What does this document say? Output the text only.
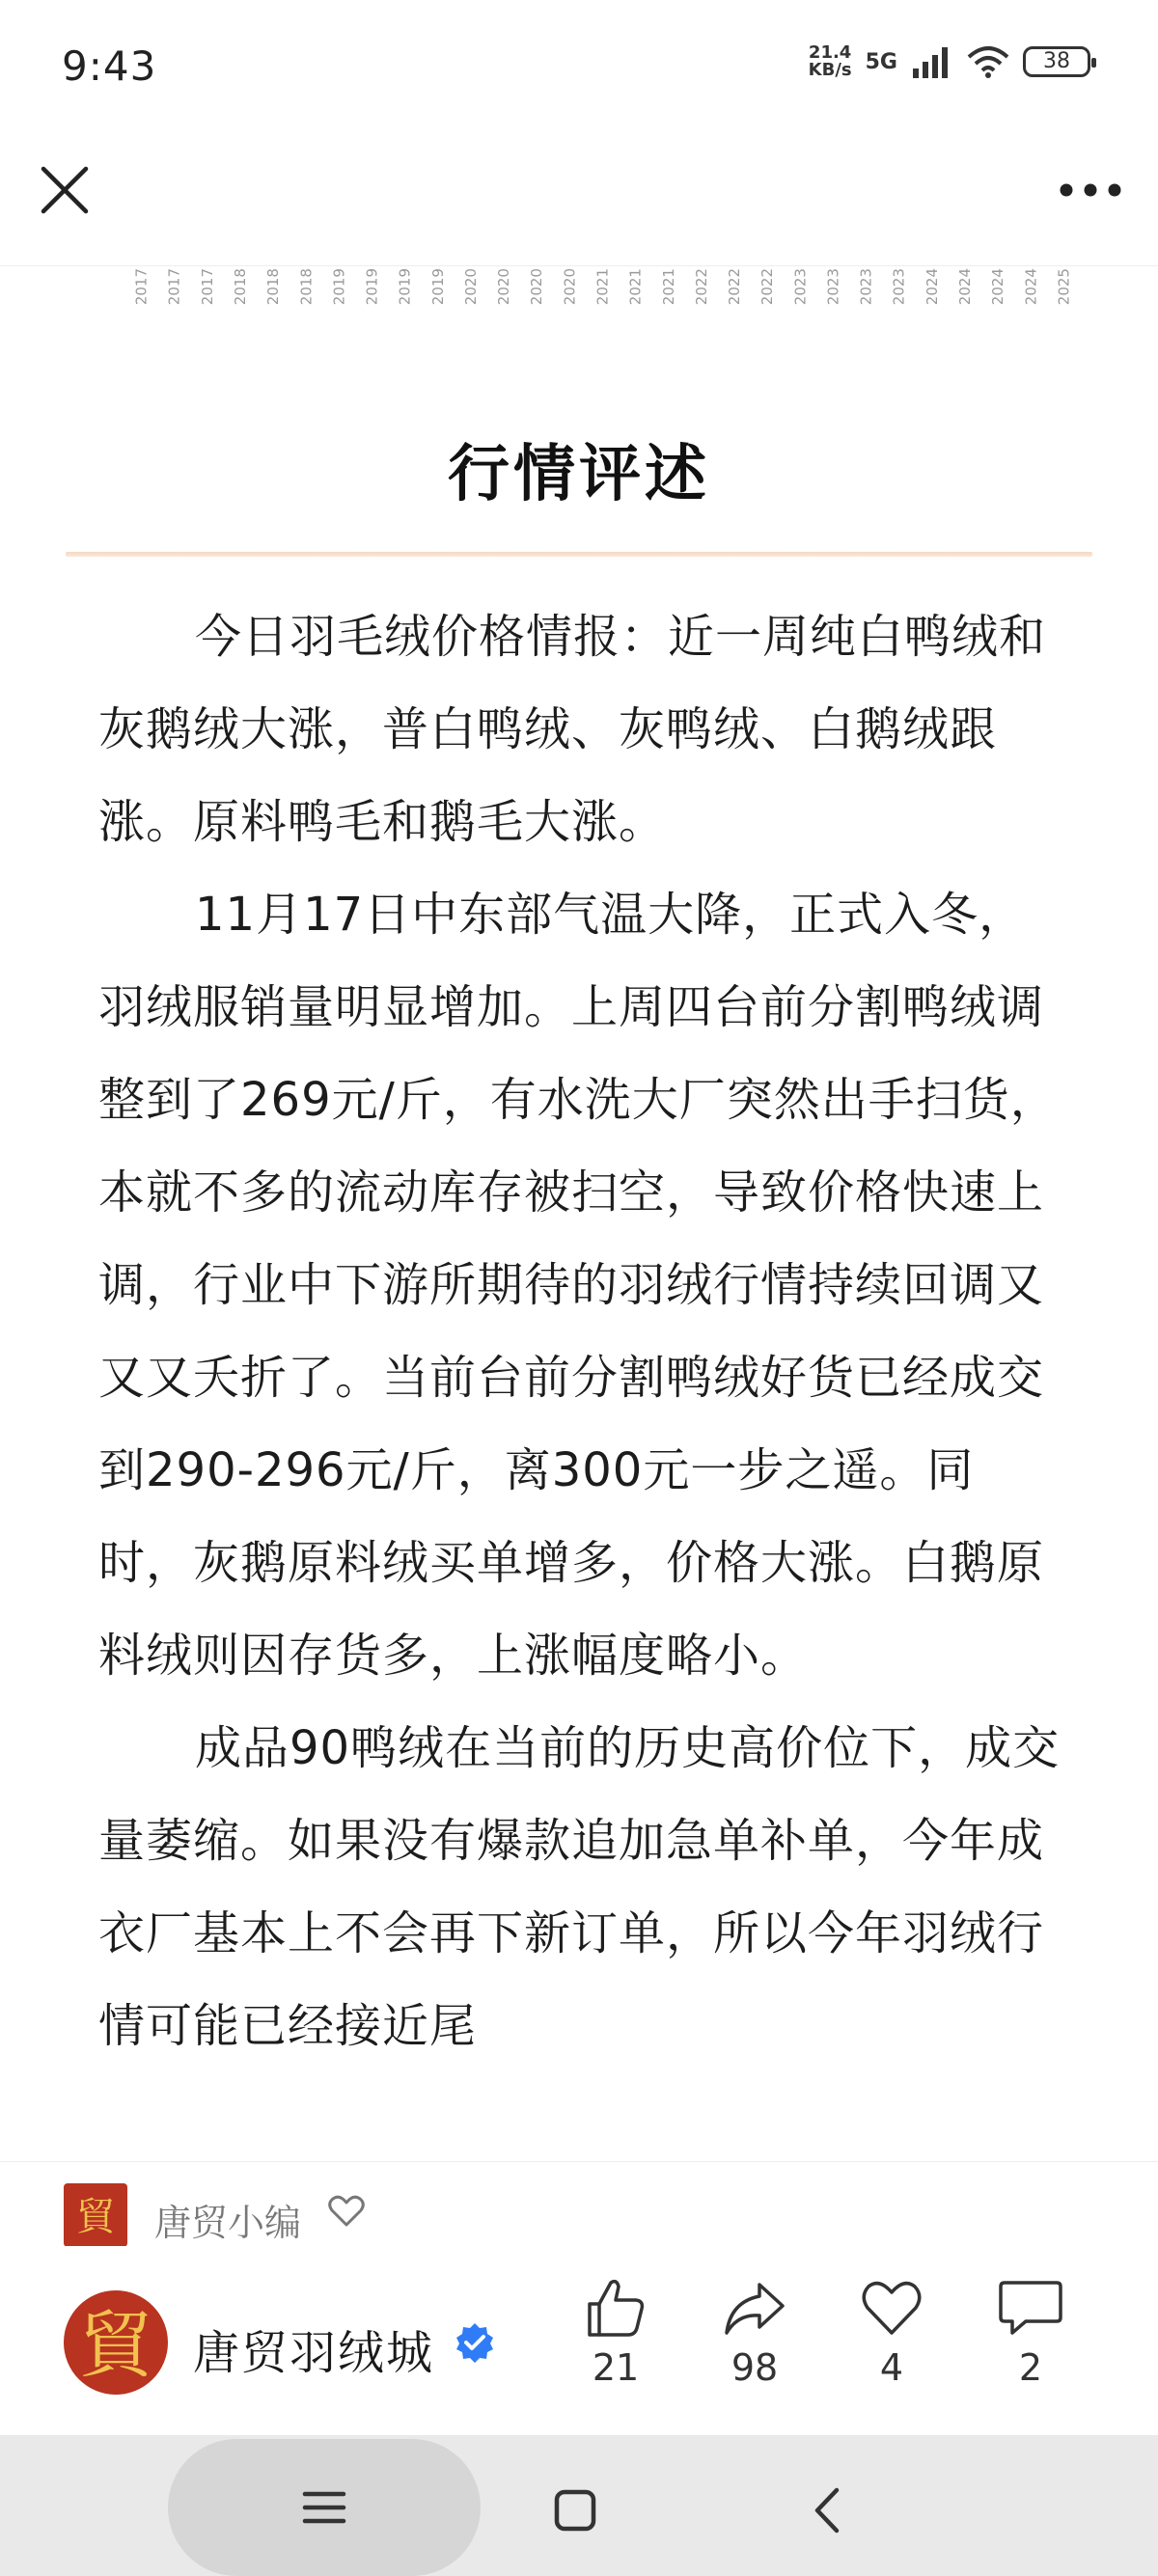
9:43	21.4
KB/s 5G	38
2017 2017 2017 2018 2018 2018 2019 2019 2019 2019 2020 2020 2020 2020 2021 2021 2021 2022 2022 2022 2023 2023 2023 2023 2024 2024 2024 2024 2025
行情评述

今日羽毛绒价格情报：近一周纯白鸭绒和灰鹅绒大涨，普白鸭绒、灰鸭绒、白鹅绒跟涨。原料鸭毛和鹅毛大涨。

11月17日中东部气温大降，正式入冬，羽绒服销量明显增加。上周四台前分割鸭绒调整到了269元/斤，有水洗大厂突然出手扫货，本就不多的流动库存被扫空，导致价格快速上调，行业中下游所期待的羽绒行情持续回调又又又夭折了。当前台前分割鸭绒好货已经成交到290-296元/斤，离300元一步之遥。同时，灰鹅原料绒买单增多，价格大涨。白鹅原料绒则因存货多，上涨幅度略小。

成品90鸭绒在当前的历史高价位下，成交量萎缩。如果没有爆款追加急单补单，今年成衣厂基本上不会再下新订单，所以今年羽绒行情可能已经接近尾

貿 唐贸小编
貿 唐贸羽绒城	21	98	4	2
